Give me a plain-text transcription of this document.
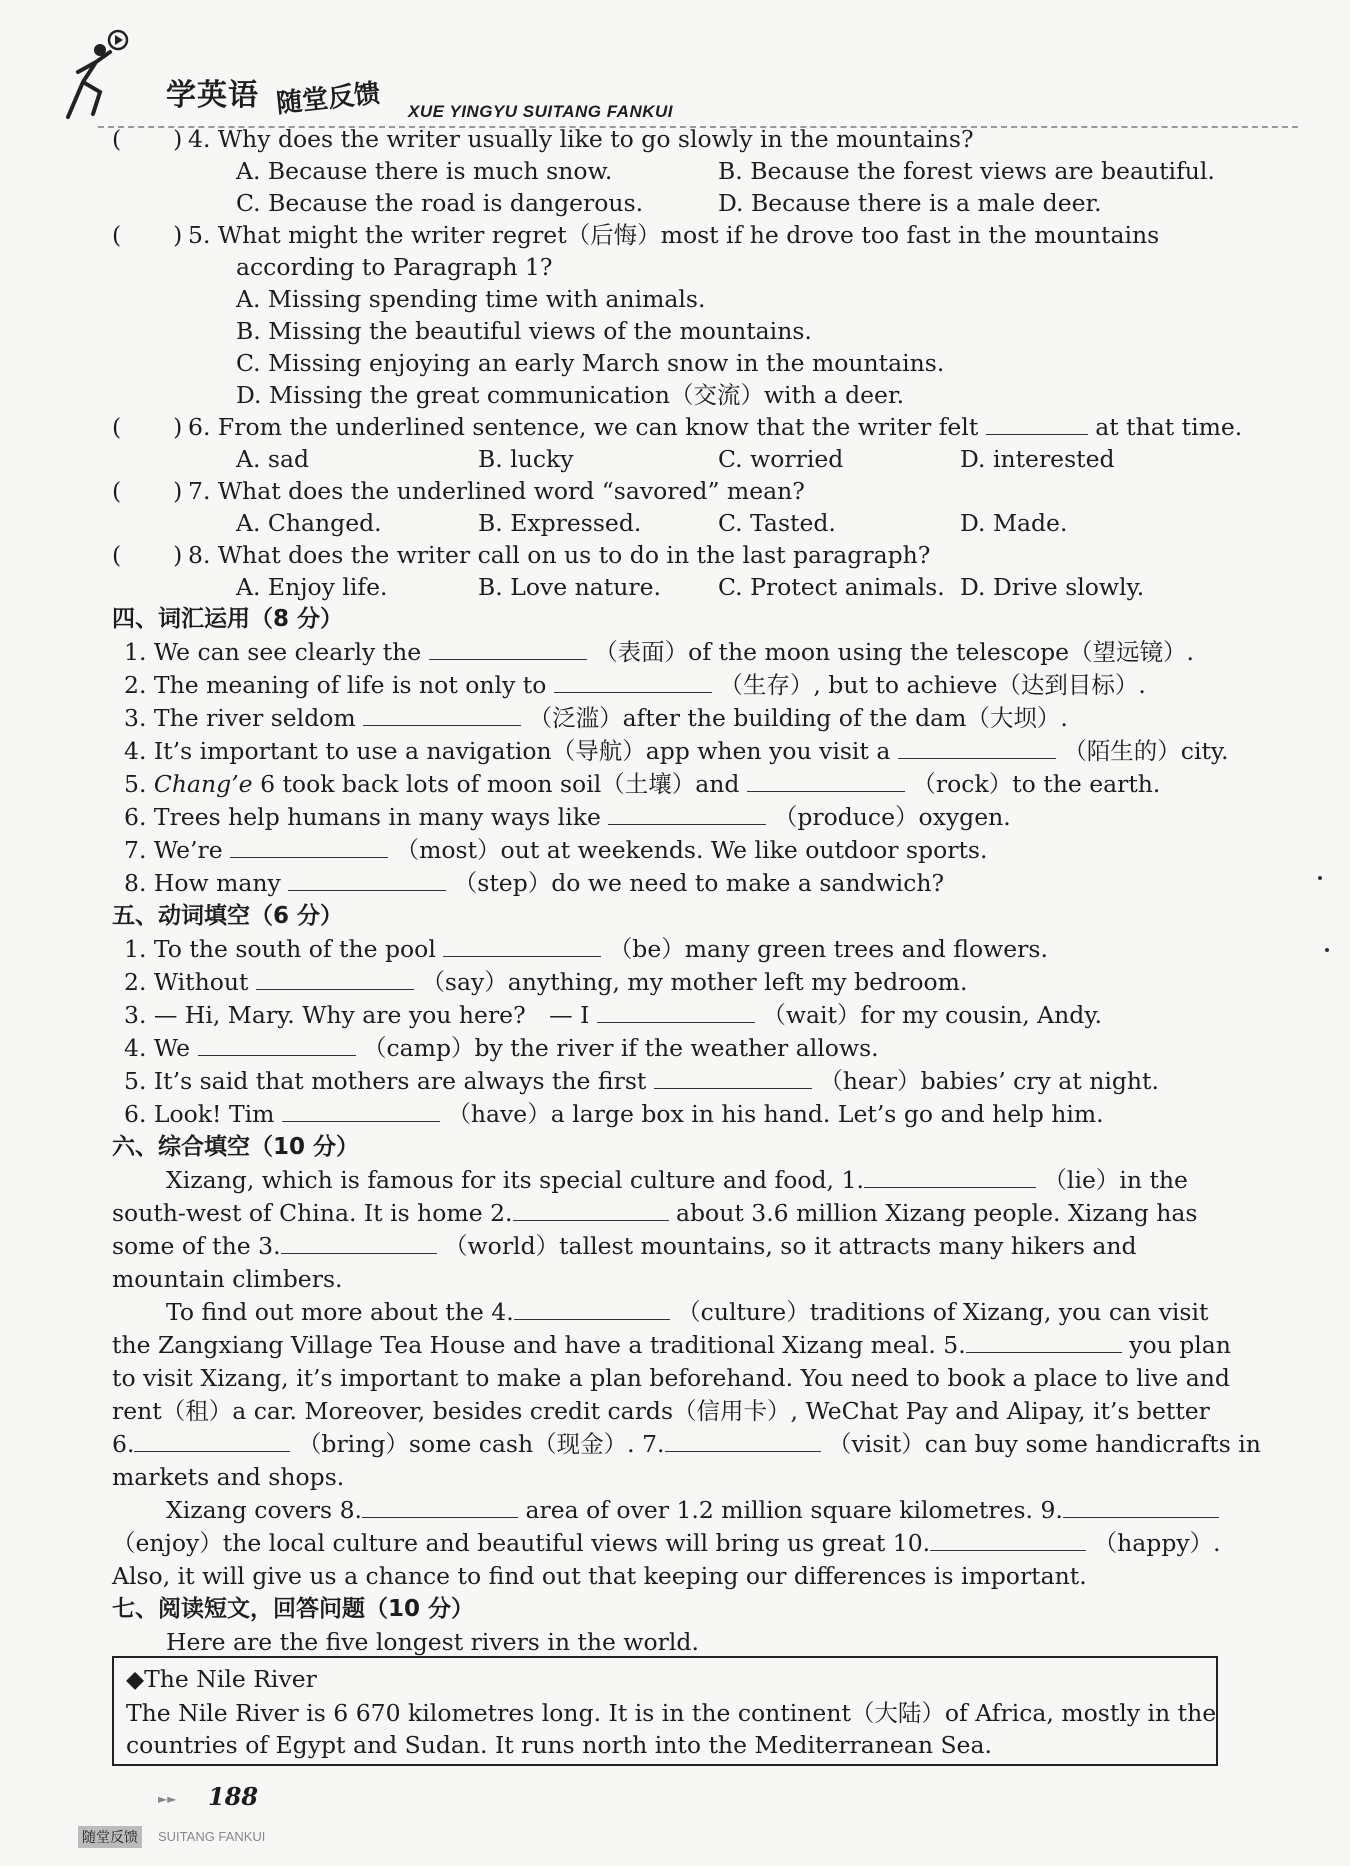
学英语 随堂反馈 XUE YINGYU SUITANG FANKUI
( ) 4. Why does the writer usually like to go slowly in the mountains?
A. Because there is much snow.	B. Because the forest views are beautiful.
C. Because the road is dangerous.	D. Because there is a male deer.
( ) 5. What might the writer regret（后悔）most if he drove too fast in the mountains
according to Paragraph 1?
A. Missing spending time with animals.
B. Missing the beautiful views of the mountains.
C. Missing enjoying an early March snow in the mountains.
D. Missing the great communication（交流）with a deer.
( ) 6. From the underlined sentence, we can know that the writer felt	at that time.
A. sad	B. lucky	C. worried	D. interested
( ) 7. What does the underlined word “savored” mean?
A. Changed.	B. Expressed.	C. Tasted.	D. Made.
( ) 8. What does the writer call on us to do in the last paragraph?
A. Enjoy life.	B. Love nature. C. Protect animals. D. Drive slowly.
四、词汇运用（8 分）
1. We can see clearly the	（表面）of the moon using the telescope（望远镜）.
2. The meaning of life is not only to	（生存）, but to achieve（达到目标）.
3. The river seldom	（泛滥）after the building of the dam（大坝）.
4. It’s important to use a navigation（导航）app when you visit a	（陌生的）city.
5. Chang’e 6 took back lots of moon soil（土壤）and	（rock）to the earth.
6. Trees help humans in many ways like	（produce）oxygen.
7. We’re	（most）out at weekends. We like outdoor sports.
8. How many	（step）do we need to make a sandwich?
五、动词填空（6 分）
1. To the south of the pool	（be）many green trees and flowers.
2. Without	（say）anything, my mother left my bedroom.
3. — Hi, Mary. Why are you here?　— I	（wait）for my cousin, Andy.
4. We	（camp）by the river if the weather allows.
5. It’s said that mothers are always the first	（hear）babies’ cry at night.
6. Look! Tim	（have）a large box in his hand. Let’s go and help him.
六、综合填空（10 分）
Xizang, which is famous for its special culture and food, 1.	（lie）in the
south-west of China. It is home 2.	about 3.6 million Xizang people. Xizang has
some of the 3.	（world）tallest mountains, so it attracts many hikers and
mountain climbers.
To find out more about the 4.	（culture）traditions of Xizang, you can visit
the Zangxiang Village Tea House and have a traditional Xizang meal. 5.	you plan
to visit Xizang, it’s important to make a plan beforehand. You need to book a place to live and
rent（租）a car. Moreover, besides credit cards（信用卡）, WeChat Pay and Alipay, it’s better
6.	（bring）some cash（现金）. 7.	（visit）can buy some handicrafts in
markets and shops.
Xizang covers 8.	area of over 1.2 million square kilometres. 9.
（enjoy）the local culture and beautiful views will bring us great 10.	（happy）.
Also, it will give us a chance to find out that keeping our differences is important.
七、阅读短文，回答问题（10 分）
Here are the five longest rivers in the world.
◆The Nile River
The Nile River is 6 670 kilometres long. It is in the continent（大陆）of Africa, mostly in the
countries of Egypt and Sudan. It runs north into the Mediterranean Sea.
►► 188
随堂反馈	SUITANG FANKUI
